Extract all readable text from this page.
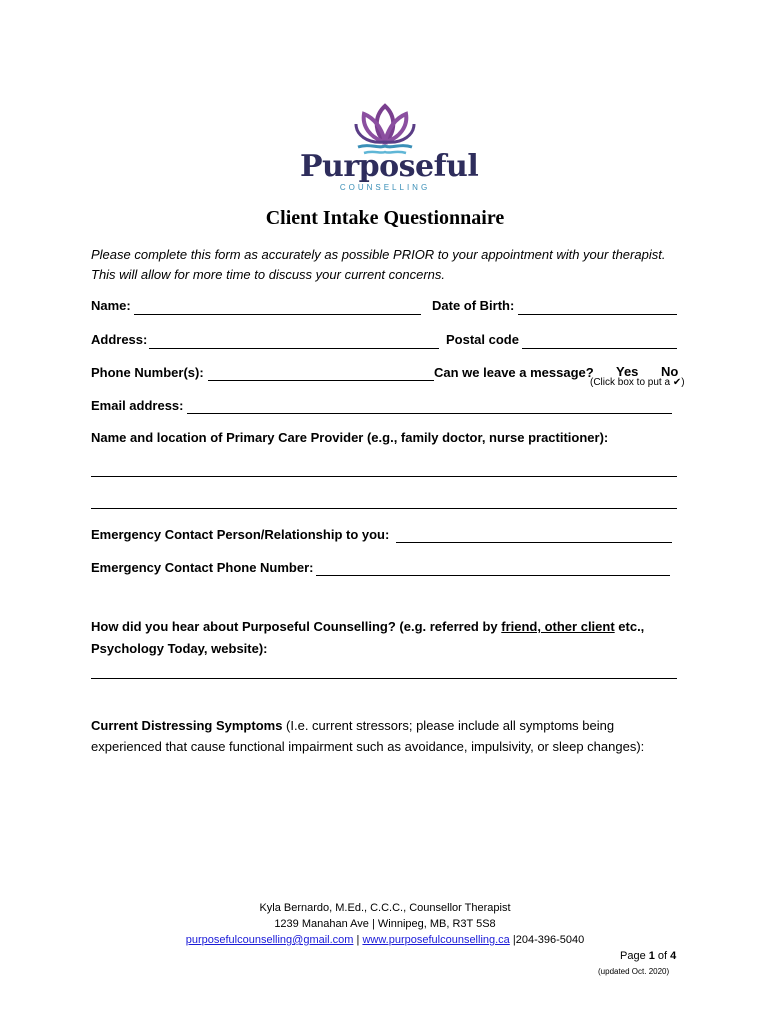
Purposeful
COUNSELLING
Client Intake Questionnaire
Please complete this form as accurately as possible PRIOR to your appointment with your therapist. This will allow for more time to discuss your current concerns.
Name:	Date of Birth:
Address:	Postal code
Phone Number(s):	Can we leave a message? Yes No
(Click box to put a ✔)
Email address:
Name and location of Primary Care Provider (e.g., family doctor, nurse practitioner):
Emergency Contact Person/Relationship to you:
Emergency Contact Phone Number:
How did you hear about Purposeful Counselling? (e.g. referred by friend, other client etc.,
Psychology Today, website):
Current Distressing Symptoms (I.e. current stressors; please include all symptoms being experienced that cause functional impairment such as avoidance, impulsivity, or sleep changes):
Kyla Bernardo, M.Ed., C.C.C., Counsellor Therapist
1239 Manahan Ave | Winnipeg, MB, R3T 5S8
purposefulcounselling@gmail.com | www.purposefulcounselling.ca |204-396-5040
Page 1 of 4
(updated Oct. 2020)
